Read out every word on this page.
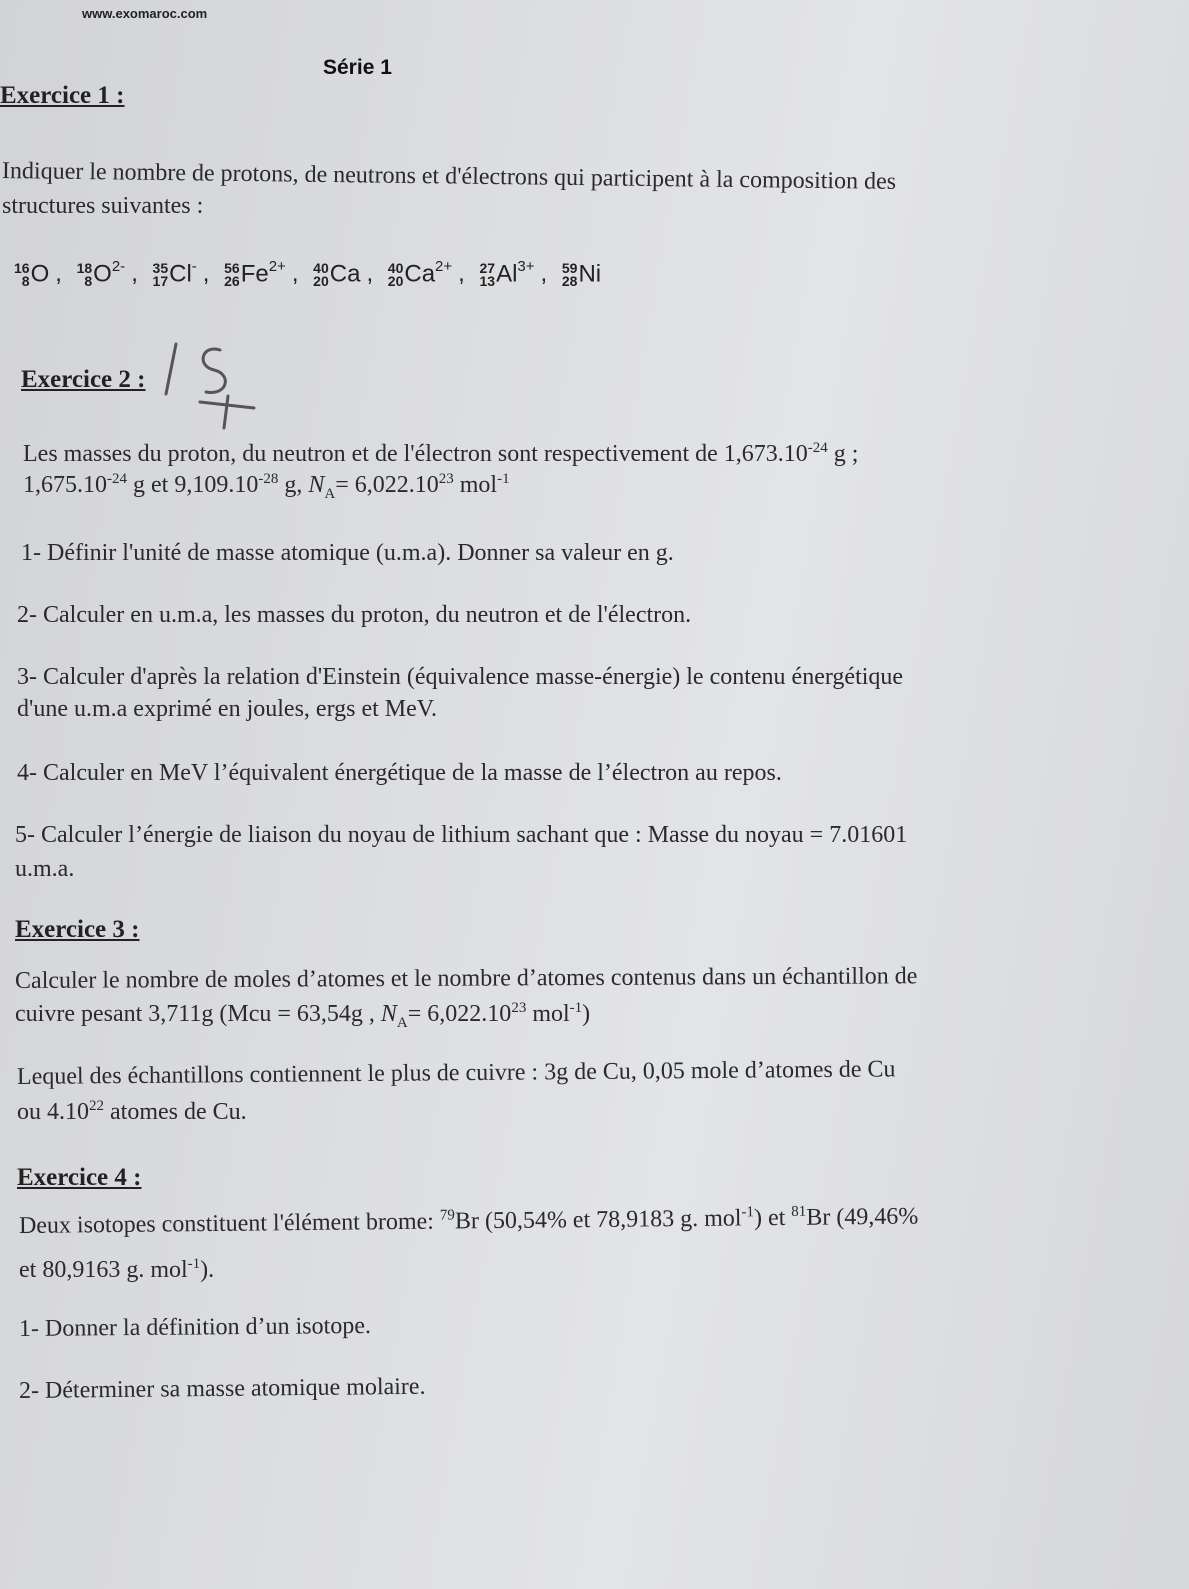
www.exomaroc.com
Série 1
Exercice 1 :
Indiquer le nombre de protons, de neutrons et d'électrons qui participent à la composition des
structures suivantes :
16
8 O , 18
8 $O^{2-}$ , 35
17 Cl- , 56
26 $Fe^{2+}$ , 40
20 Ca , 40
20 $Ca^{2+}$ , 27
13 $Al^{3+}$ , 59
28 Ni
Exercice 2 :
Les masses du proton, du neutron et de l'électron sont respectivement de $1,673.10^{-24}$ g ;
$1,675.10^{-24}$ g et $9,109.10^{-28}$ g, $N_A= 6,022.10^{23}$ mol$^{-1}$
1- Définir l'unité de masse atomique (u.m.a). Donner sa valeur en g.
2- Calculer en u.m.a, les masses du proton, du neutron et de l'électron.
3- Calculer d'après la relation d'Einstein (équivalence masse-énergie) le contenu énergétique
d'une u.m.a exprimé en joules, ergs et MeV.
4- Calculer en MeV l’équivalent énergétique de la masse de l’électron au repos.
5- Calculer l’énergie de liaison du noyau de lithium sachant que : Masse du noyau = 7.01601
u.m.a.
Exercice 3 :
Calculer le nombre de moles d’atomes et le nombre d’atomes contenus dans un échantillon de
cuivre pesant 3,711g (Mcu = 63,54g , $N_A= 6,022.10^{23}$ mol$^{-1}$)
Lequel des échantillons contiennent le plus de cuivre : 3g de Cu, 0,05 mole d’atomes de Cu
ou 4.10$^{22}$ atomes de Cu.
Exercice 4 :
Deux isotopes constituent l'élément brome: $^{79}$Br (50,54% et 78,9183 g. mol$^{-1}$) et $^{81}$Br (49,46%
et 80,9163 g. mol$^{-1}$).
1- Donner la définition d’un isotope.
2- Déterminer sa masse atomique molaire.
